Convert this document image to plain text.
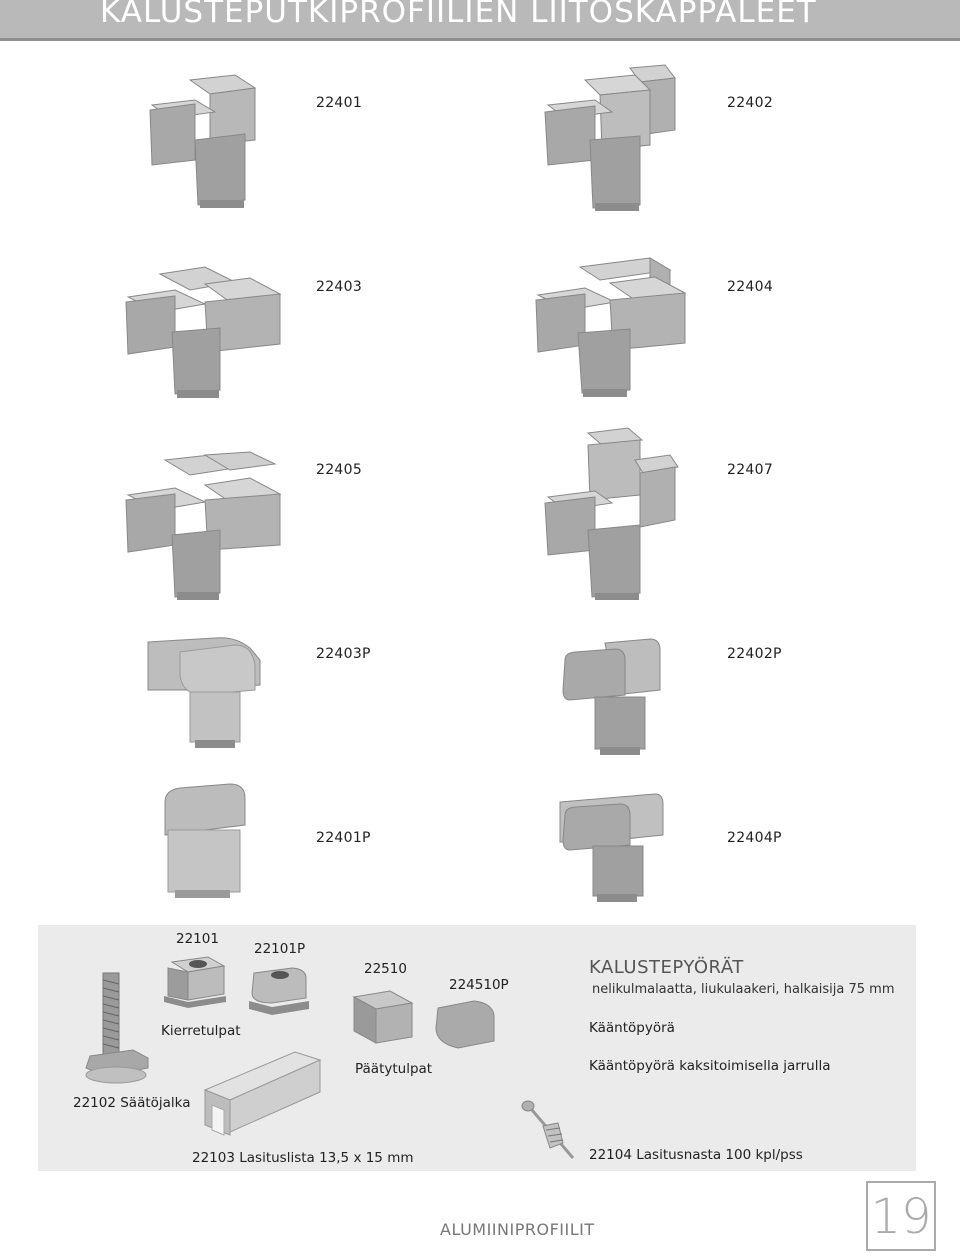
KALUSTEPUTKIPROFIILIEN LIITOSKAPPALEET
22401	22402
22403	22404
22405	22407
22403P	22402P
22401P	22404P
22101
22101P
Kierretulpat
22510
224510P
Päätytulpat
22102 Säätöjalka
22103 Lasituslista 13,5 x 15 mm	22104 Lasitusnasta 100 kpl/pss
KALUSTEPYÖRÄT
nelikulmalaatta, liukulaakeri, halkaisija 75 mm
Kääntöpyörä
Kääntöpyörä kaksitoimisella jarrulla
ALUMIINIPROFIILIT	19
